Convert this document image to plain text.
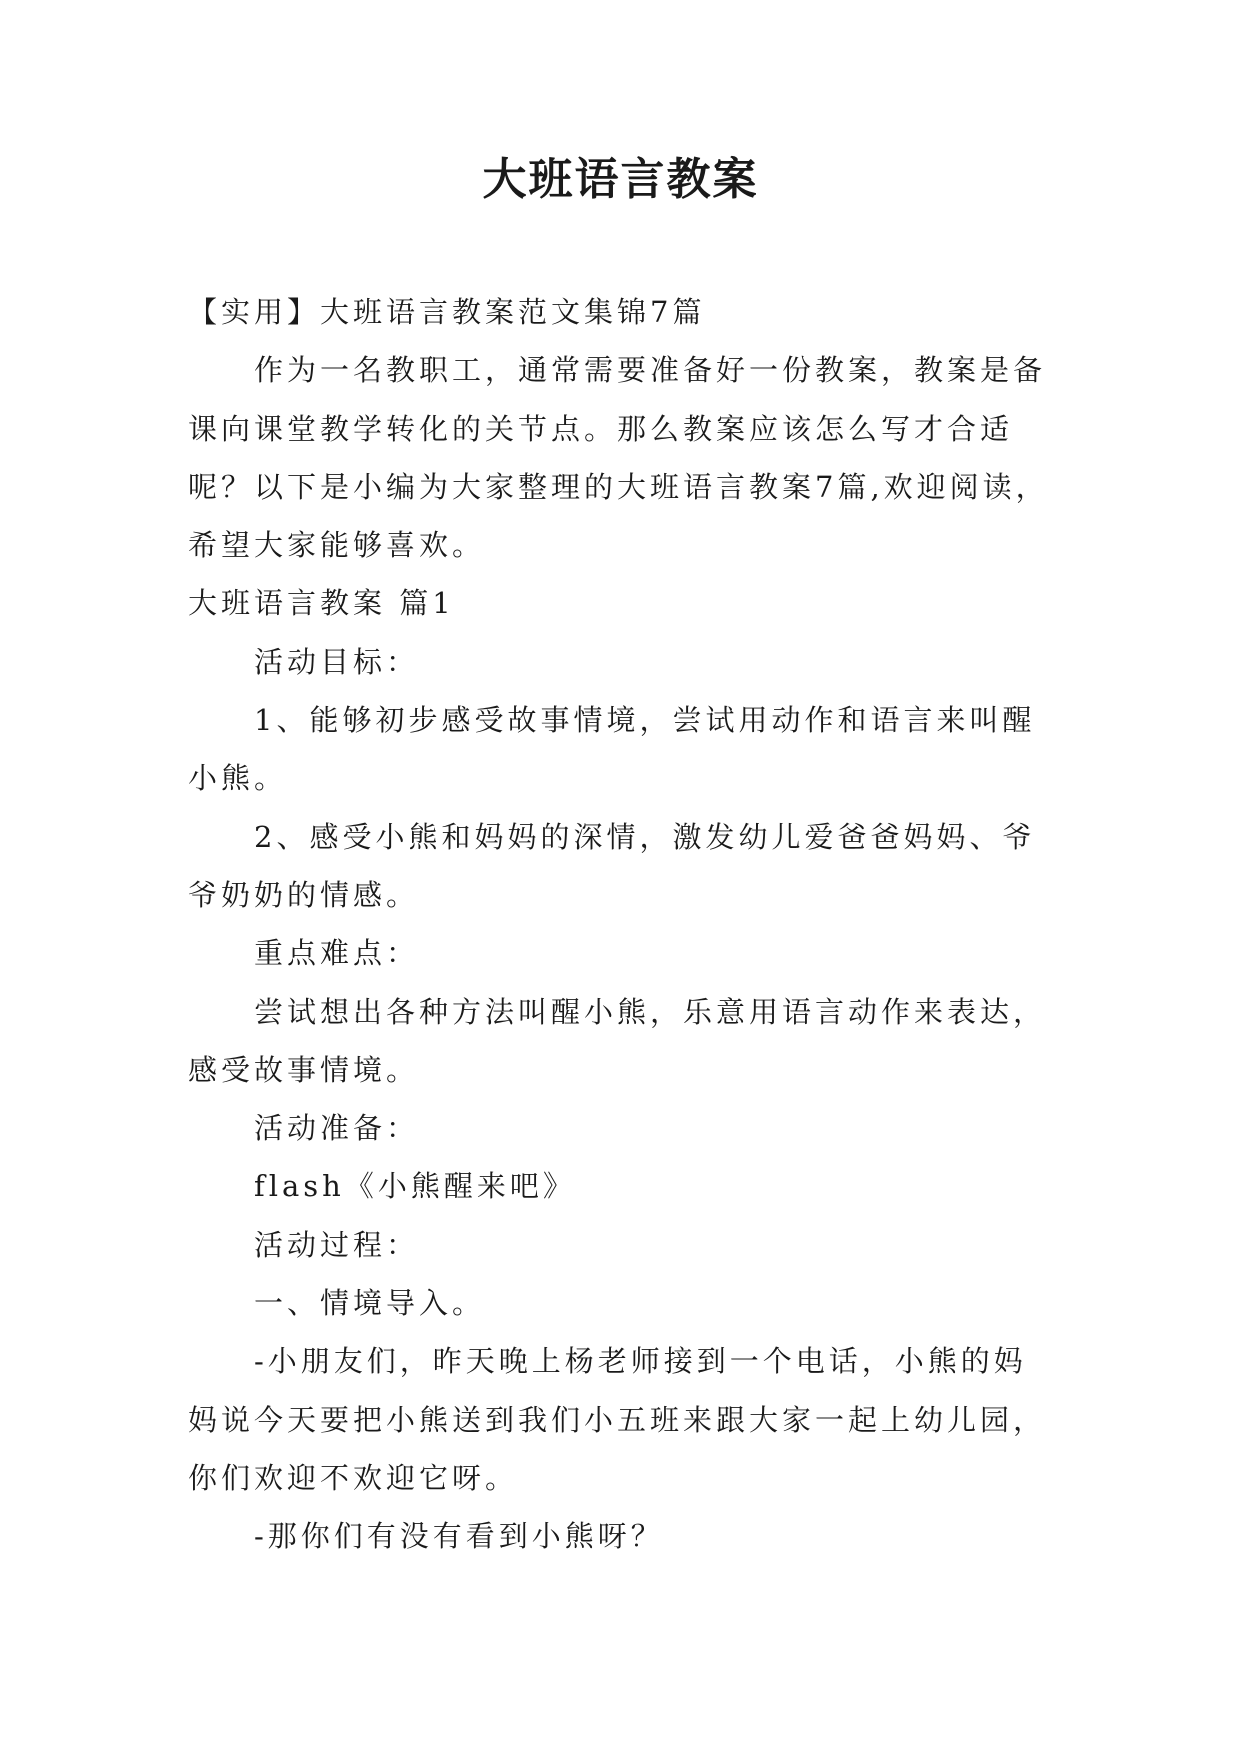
大班语言教案

【实用】大班语言教案范文集锦7篇

作为一名教职工，通常需要准备好一份教案，教案是备课向课堂教学转化的关节点。那么教案应该怎么写才合适呢？以下是小编为大家整理的大班语言教案7篇,欢迎阅读，希望大家能够喜欢。

大班语言教案 篇1

活动目标：

1、能够初步感受故事情境，尝试用动作和语言来叫醒小熊。

2、感受小熊和妈妈的深情，激发幼儿爱爸爸妈妈、爷爷奶奶的情感。

重点难点：

尝试想出各种方法叫醒小熊，乐意用语言动作来表达，感受故事情境。

活动准备：

flash《小熊醒来吧》

活动过程：

一、情境导入。

-小朋友们，昨天晚上杨老师接到一个电话，小熊的妈妈说今天要把小熊送到我们小五班来跟大家一起上幼儿园，你们欢迎不欢迎它呀。

-那你们有没有看到小熊呀？
